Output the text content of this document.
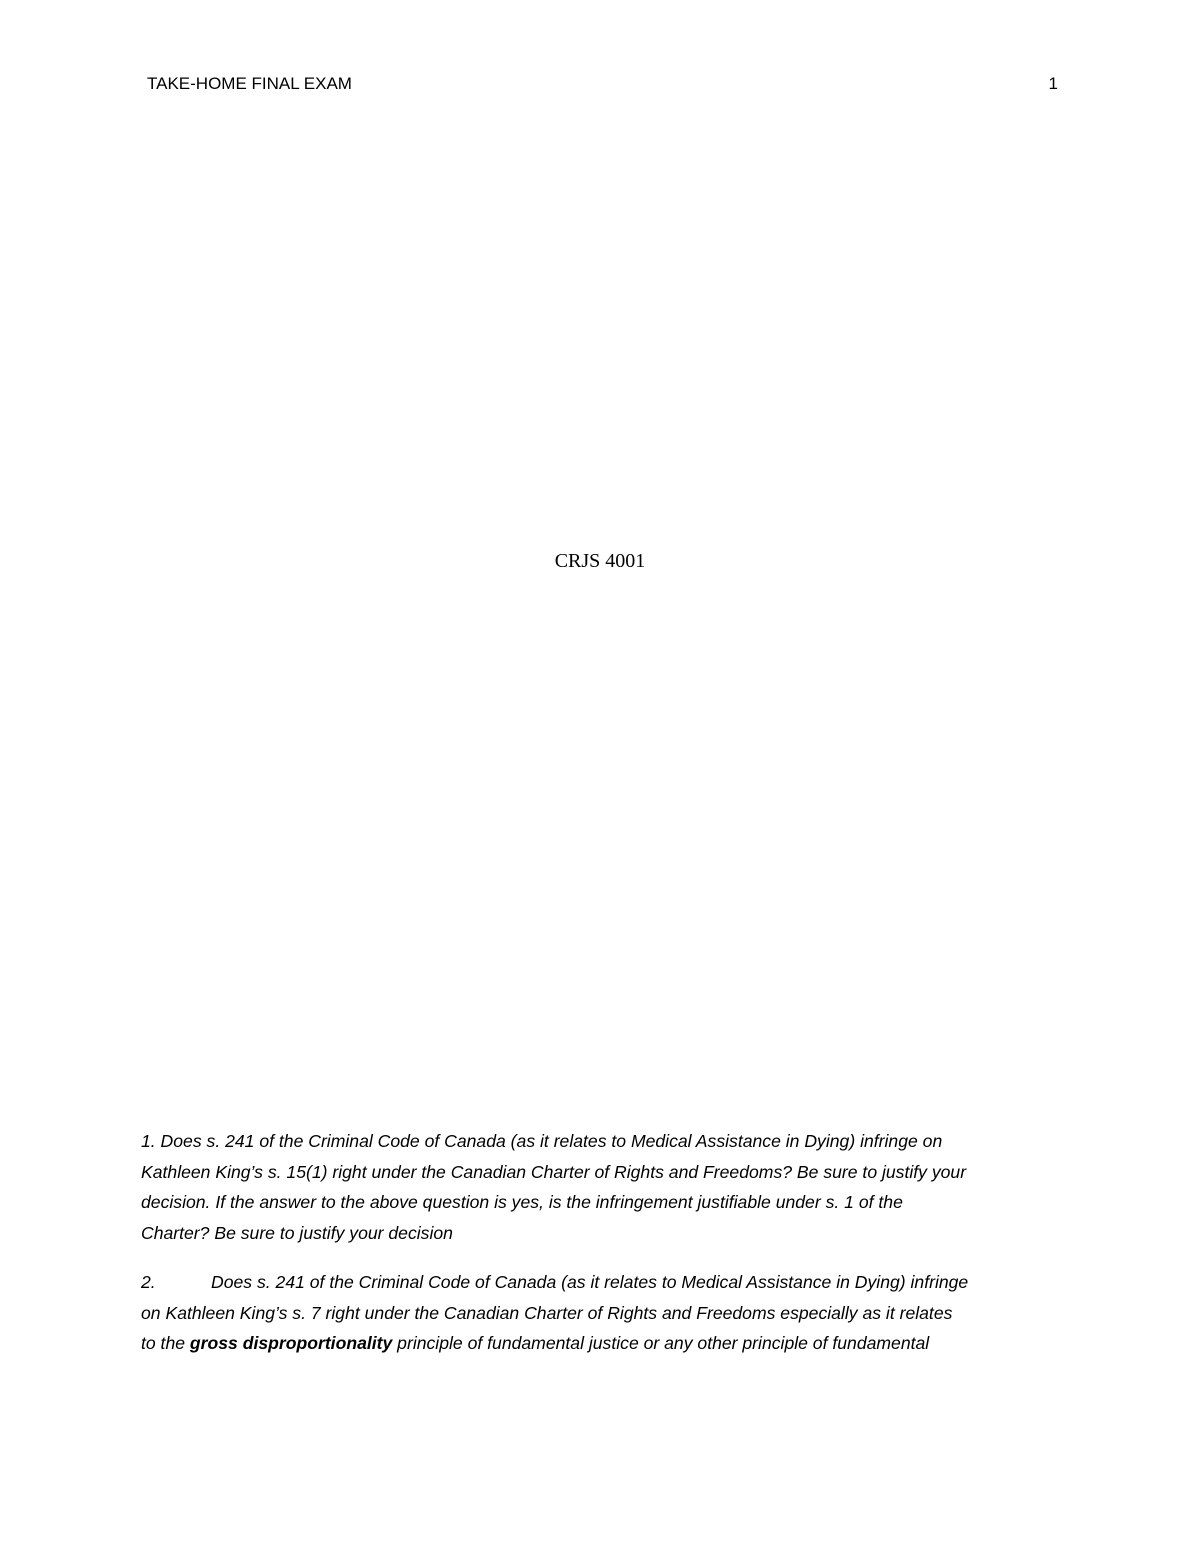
TAKE-HOME FINAL EXAM	1
CRJS 4001
1. Does s. 241 of the Criminal Code of Canada (as it relates to Medical Assistance in Dying) infringe on
Kathleen King’s s. 15(1) right under the Canadian Charter of Rights and Freedoms? Be sure to justify your
decision. If the answer to the above question is yes, is the infringement justifiable under s. 1 of the
Charter? Be sure to justify your decision
2.	Does s. 241 of the Criminal Code of Canada (as it relates to Medical Assistance in Dying) infringe
on Kathleen King’s s. 7 right under the Canadian Charter of Rights and Freedoms especially as it relates
to the gross disproportionality principle of fundamental justice or any other principle of fundamental
